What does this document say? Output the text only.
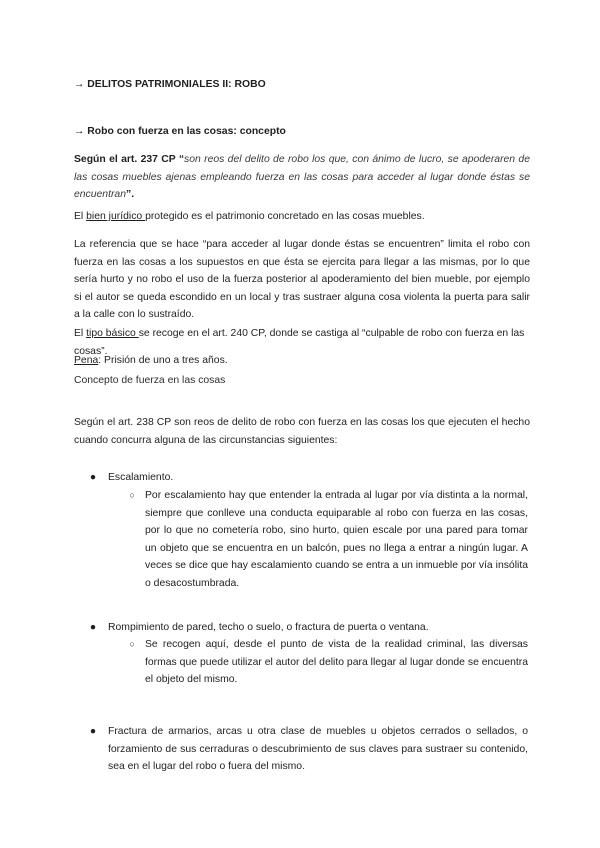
→ DELITOS PATRIMONIALES II: ROBO

→ Robo con fuerza en las cosas: concepto

Según el art. 237 CP “son reos del delito de robo los que, con ánimo de lucro, se apoderaren de las cosas muebles ajenas empleando fuerza en las cosas para acceder al lugar donde éstas se encuentran”.

El bien jurídico protegido es el patrimonio concretado en las cosas muebles.

La referencia que se hace “para acceder al lugar donde éstas se encuentren” limita el robo con fuerza en las cosas a los supuestos en que ésta se ejercita para llegar a las mismas, por lo que sería hurto y no robo el uso de la fuerza posterior al apoderamiento del bien mueble, por ejemplo si el autor se queda escondido en un local y tras sustraer alguna cosa violenta la puerta para salir a la calle con lo sustraído.

El tipo básico se recoge en el art. 240 CP, donde se castiga al “culpable de robo con fuerza en las cosas”.

Pena: Prisión de uno a tres años.

Concepto de fuerza en las cosas

Según el art. 238 CP son reos de delito de robo con fuerza en las cosas los que ejecuten el hecho cuando concurra alguna de las circunstancias siguientes:

● Escalamiento.

○ Por escalamiento hay que entender la entrada al lugar por vía distinta a la normal, siempre que conlleve una conducta equiparable al robo con fuerza en las cosas, por lo que no cometería robo, sino hurto, quien escale por una pared para tomar un objeto que se encuentra en un balcón, pues no llega a entrar a ningún lugar. A veces se dice que hay escalamiento cuando se entra a un inmueble por vía insólita o desacostumbrada.

● Rompimiento de pared, techo o suelo, o fractura de puerta o ventana.

○ Se recogen aquí, desde el punto de vista de la realidad criminal, las diversas formas que puede utilizar el autor del delito para llegar al lugar donde se encuentra el objeto del mismo.

● Fractura de armarios, arcas u otra clase de muebles u objetos cerrados o sellados, o forzamiento de sus cerraduras o descubrimiento de sus claves para sustraer su contenido, sea en el lugar del robo o fuera del mismo.
